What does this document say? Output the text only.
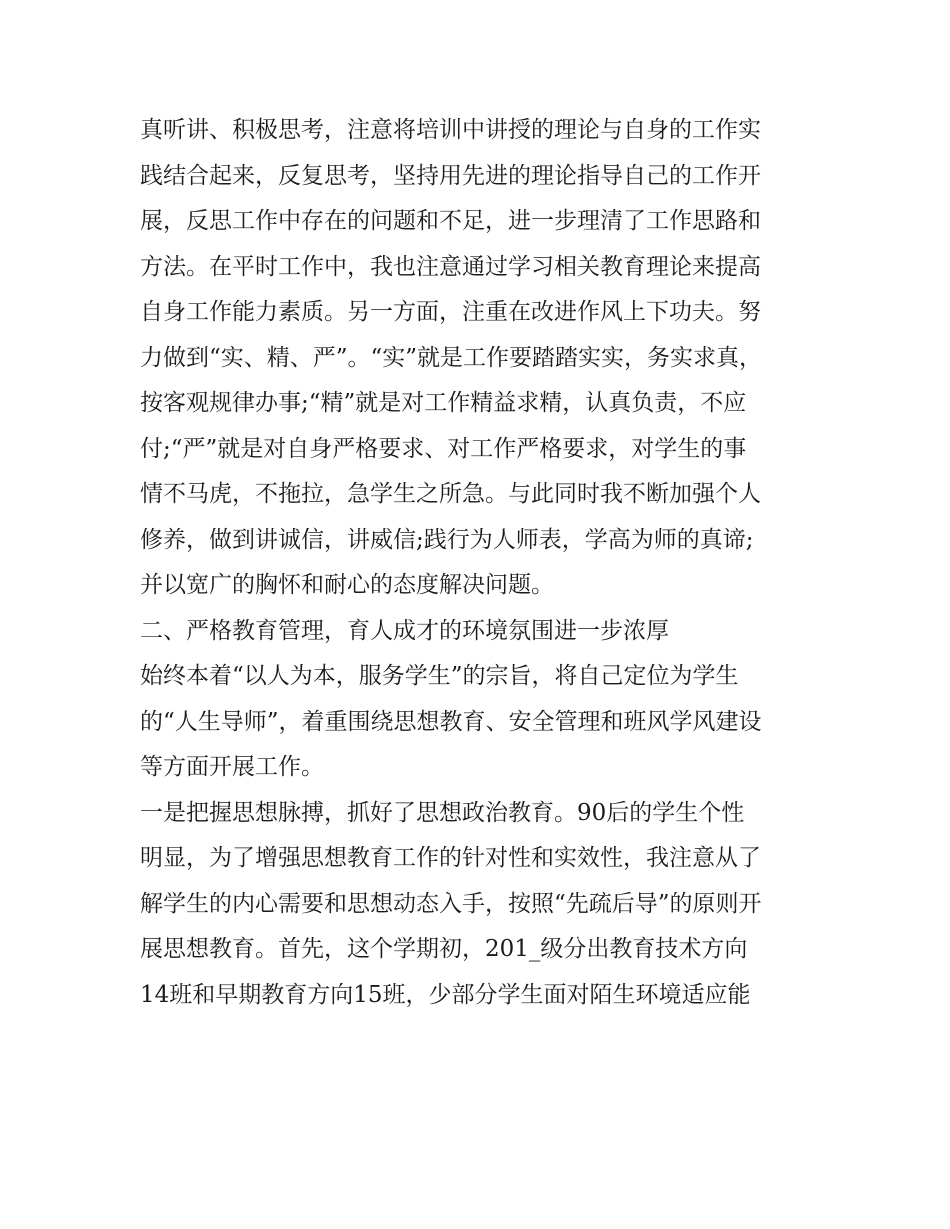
真听讲、积极思考，注意将培训中讲授的理论与自身的工作实
践结合起来，反复思考，坚持用先进的理论指导自己的工作开
展，反思工作中存在的问题和不足，进一步理清了工作思路和
方法。在平时工作中，我也注意通过学习相关教育理论来提高
自身工作能力素质。另一方面，注重在改进作风上下功夫。努
力做到“实、精、严”。“实”就是工作要踏踏实实，务实求真，
按客观规律办事;“精”就是对工作精益求精，认真负责，不应
付;“严”就是对自身严格要求、对工作严格要求，对学生的事
情不马虎，不拖拉，急学生之所急。与此同时我不断加强个人
修养，做到讲诚信，讲威信;践行为人师表，学高为师的真谛;
并以宽广的胸怀和耐心的态度解决问题。
二、严格教育管理，育人成才的环境氛围进一步浓厚
始终本着“以人为本，服务学生”的宗旨，将自己定位为学生
的“人生导师”，着重围绕思想教育、安全管理和班风学风建设
等方面开展工作。
一是把握思想脉搏，抓好了思想政治教育。90后的学生个性
明显，为了增强思想教育工作的针对性和实效性，我注意从了
解学生的内心需要和思想动态入手，按照“先疏后导”的原则开
展思想教育。首先，这个学期初，201_级分出教育技术方向
14班和早期教育方向15班，少部分学生面对陌生环境适应能
